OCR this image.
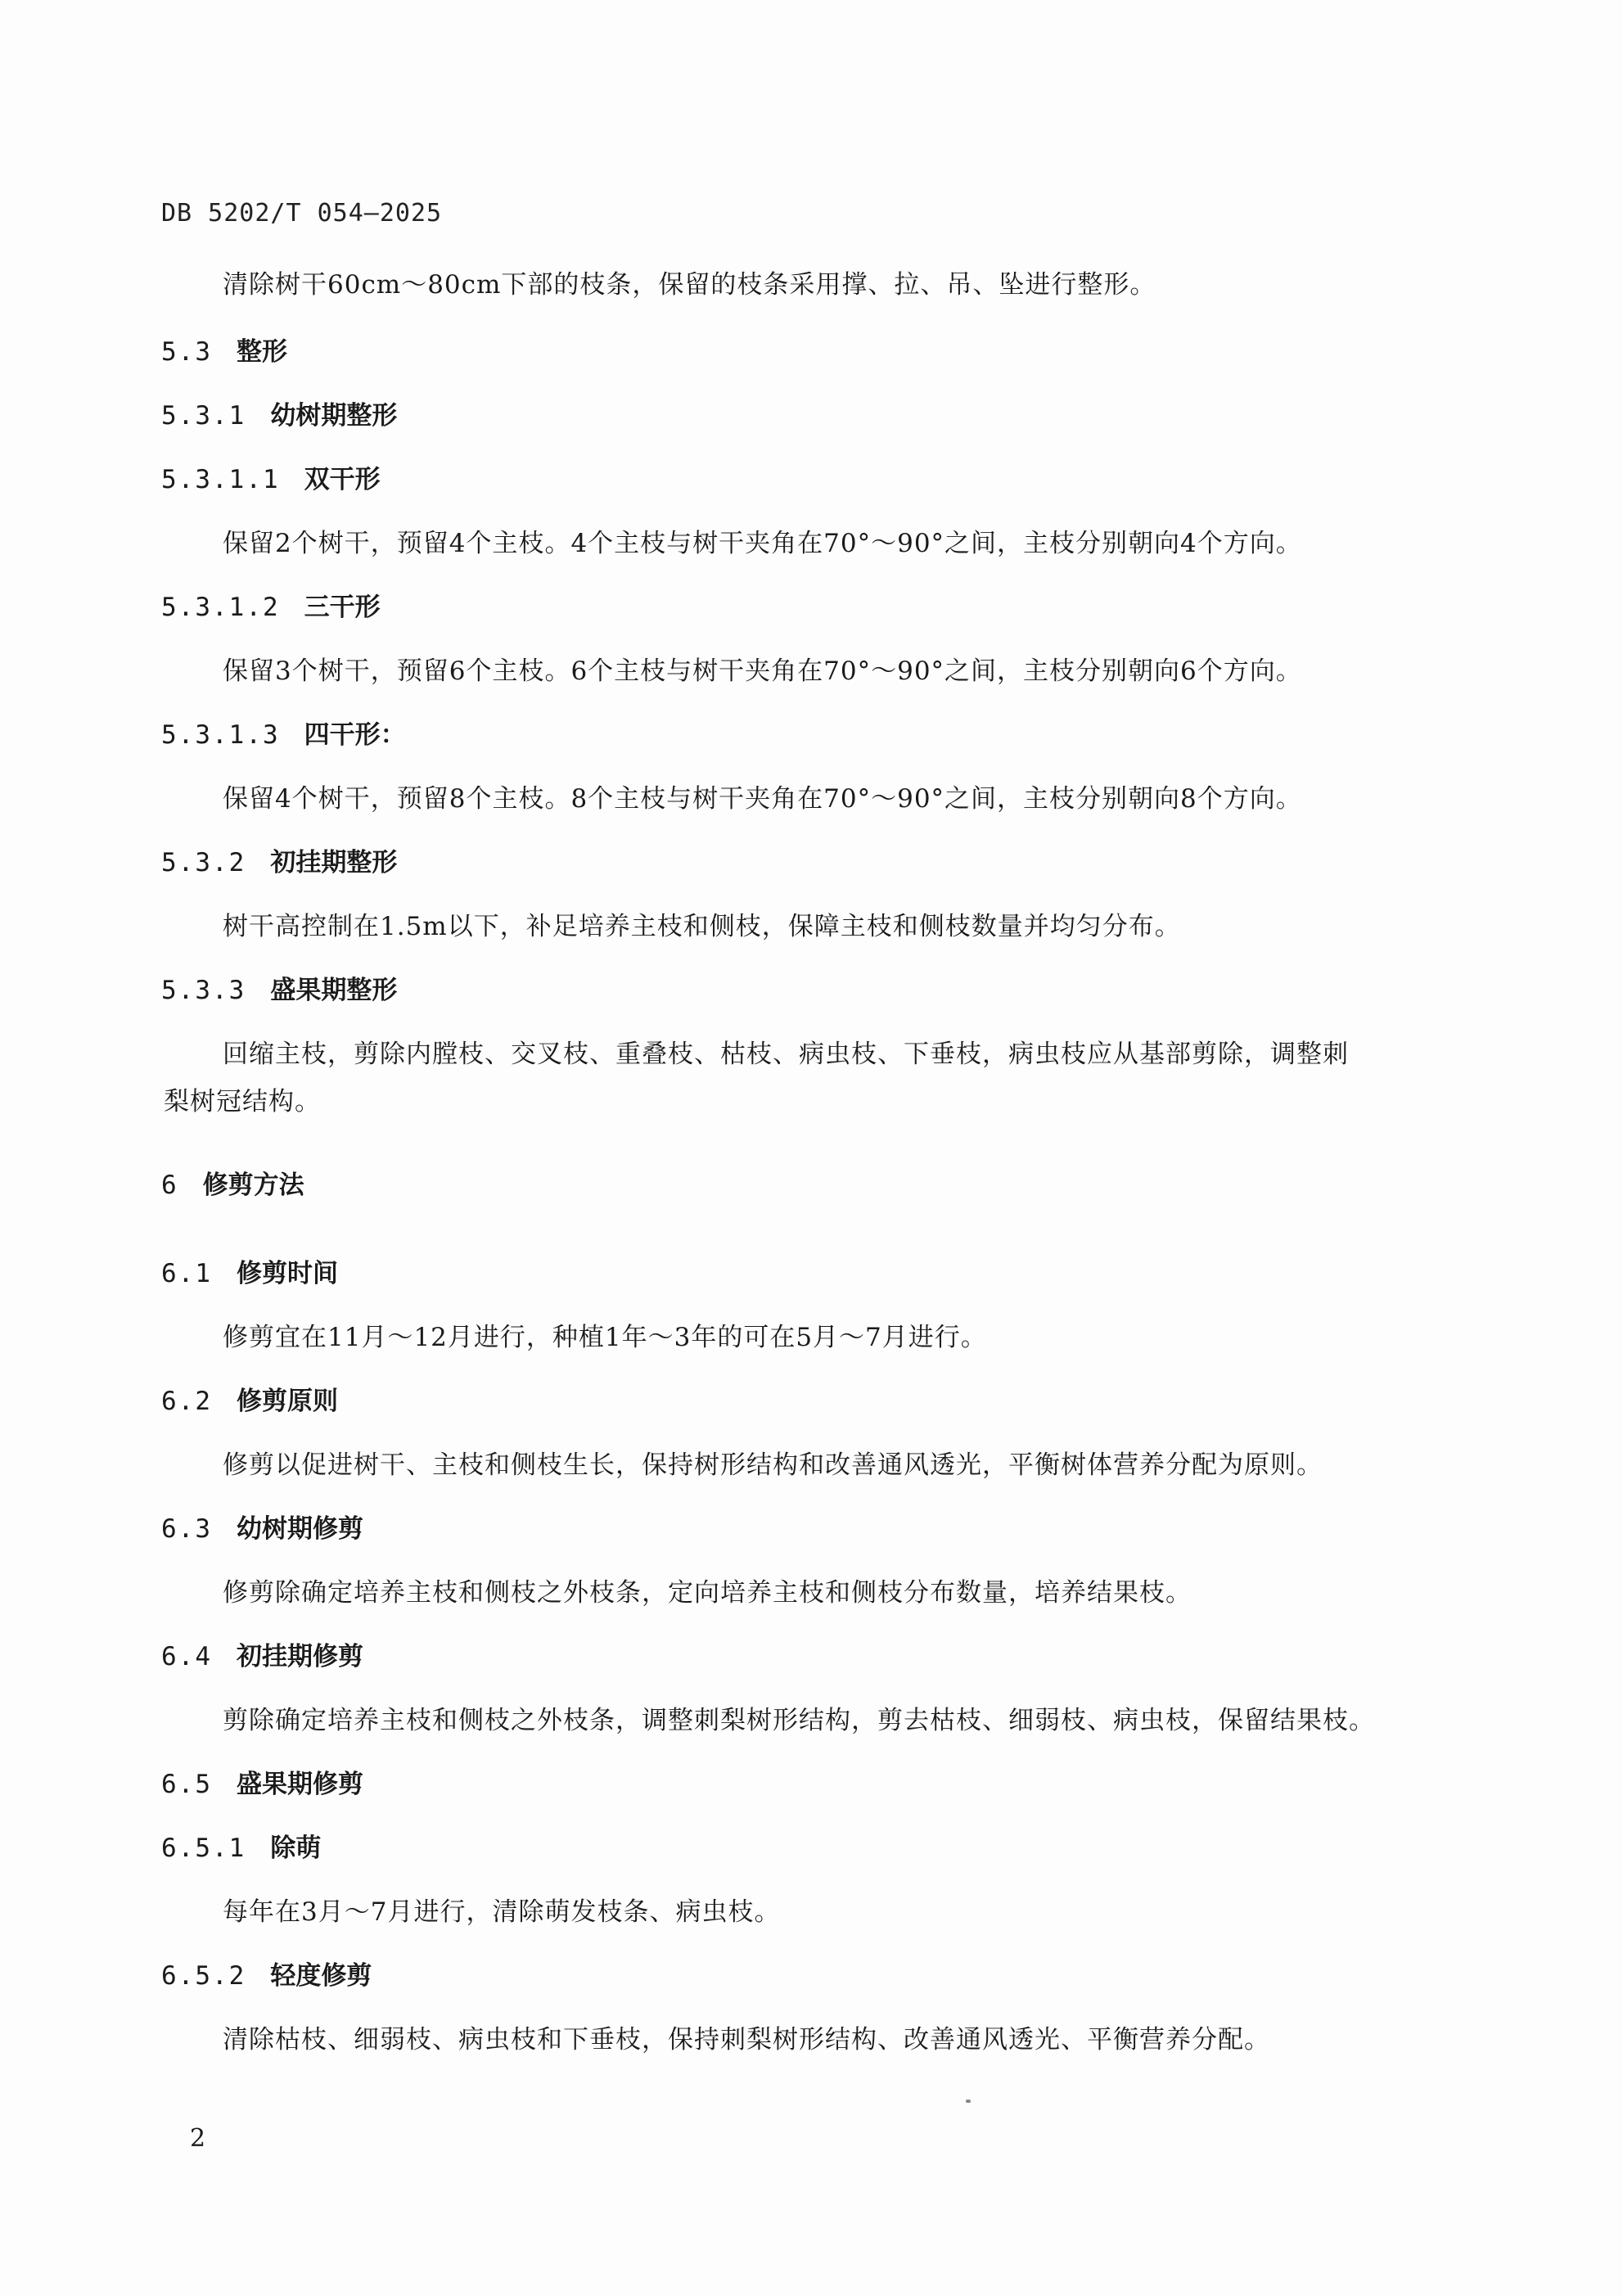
DB 5202/T 054—2025
清除树干60cm～80cm下部的枝条，保留的枝条采用撑、拉、吊、坠进行整形。
5.3 整形
5.3.1 幼树期整形
5.3.1.1 双干形
保留2个树干，预留4个主枝。4个主枝与树干夹角在70°～90°之间，主枝分别朝向4个方向。
5.3.1.2 三干形
保留3个树干，预留6个主枝。6个主枝与树干夹角在70°～90°之间，主枝分别朝向6个方向。
5.3.1.3 四干形：
保留4个树干，预留8个主枝。8个主枝与树干夹角在70°～90°之间，主枝分别朝向8个方向。
5.3.2 初挂期整形
树干高控制在1.5m以下，补足培养主枝和侧枝，保障主枝和侧枝数量并均匀分布。
5.3.3 盛果期整形
回缩主枝，剪除内膛枝、交叉枝、重叠枝、枯枝、病虫枝、下垂枝，病虫枝应从基部剪除，调整刺
梨树冠结构。
6 修剪方法
6.1 修剪时间
修剪宜在11月～12月进行，种植1年～3年的可在5月～7月进行。
6.2 修剪原则
修剪以促进树干、主枝和侧枝生长，保持树形结构和改善通风透光，平衡树体营养分配为原则。
6.3 幼树期修剪
修剪除确定培养主枝和侧枝之外枝条，定向培养主枝和侧枝分布数量，培养结果枝。
6.4 初挂期修剪
剪除确定培养主枝和侧枝之外枝条，调整刺梨树形结构，剪去枯枝、细弱枝、病虫枝，保留结果枝。
6.5 盛果期修剪
6.5.1 除萌
每年在3月～7月进行，清除萌发枝条、病虫枝。
6.5.2 轻度修剪
清除枯枝、细弱枝、病虫枝和下垂枝，保持刺梨树形结构、改善通风透光、平衡营养分配。
2
